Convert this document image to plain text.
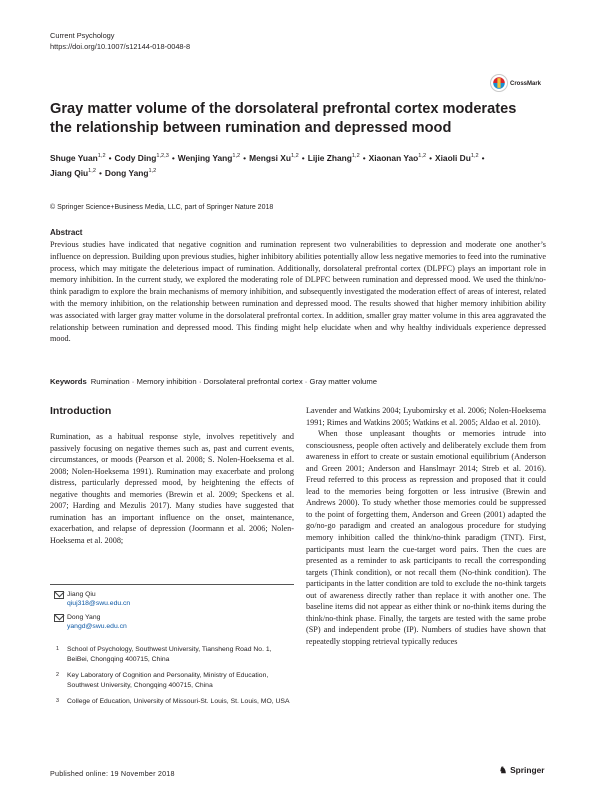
Current Psychology
https://doi.org/10.1007/s12144-018-0048-8
CrossMark
Gray matter volume of the dorsolateral prefrontal cortex moderates the relationship between rumination and depressed mood
Shuge Yuan$^{1,2}$ • Cody Ding$^{1,2,3}$ • Wenjing Yang$^{1,2}$ • Mengsi Xu$^{1,2}$ • Lijie Zhang$^{1,2}$ • Xiaonan Yao$^{1,2}$ • Xiaoli Du$^{1,2}$ •
Jiang Qiu$^{1,2}$ • Dong Yang$^{1,2}$
© Springer Science+Business Media, LLC, part of Springer Nature 2018
Abstract
Previous studies have indicated that negative cognition and rumination represent two vulnerabilities to depression and moderate one another’s influence on depression. Building upon previous studies, higher inhibitory abilities potentially allow less negative memories to feed into the ruminative process, which may mitigate the deleterious impact of rumination. Additionally, dorsolateral prefrontal cortex (DLPFC) plays an important role in memory inhibition. In the current study, we explored the moderating role of DLPFC between rumination and depressed mood. We used the think/no-think paradigm to explore the brain mechanisms of memory inhibition, and subsequently investigated the moderation effect of areas of interest, related with the memory inhibition, on the relationship between rumination and depressed mood. The results showed that higher memory inhibition ability was associated with larger gray matter volume in the dorsolateral prefrontal cortex. In addition, smaller gray matter volume in this area aggravated the relationship between rumination and depressed mood. This finding might help elucidate when and why healthy individuals experience depressed mood.
Keywords Rumination · Memory inhibition · Dorsolateral prefrontal cortex · Gray matter volume
Introduction

Rumination, as a habitual response style, involves repetitively and passively focusing on negative themes such as, past and current events, circumstances, or moods (Pearson et al. 2008; S. Nolen-Hoeksema et al. 2008; Nolen-Hoeksema 1991). Rumination may exacerbate and prolong distress, particularly depressed mood, by heightening the effects of negative thoughts and memories (Brewin et al. 2009; Speckens et al. 2007; Harding and Mezulis 2017). Many studies have suggested that rumination has an important influence on the onset, maintenance, exacerbation, and relapse of depression (Joormann et al. 2006; Nolen-Hoeksema et al. 2008;

Lavender and Watkins 2004; Lyubomirsky et al. 2006; Nolen-Hoeksema 1991; Rimes and Watkins 2005; Watkins et al. 2005; Aldao et al. 2010).

When those unpleasant thoughts or memories intrude into consciousness, people often actively and deliberately exclude them from awareness in effort to create or sustain emotional equilibrium (Anderson and Green 2001; Anderson and Hanslmayr 2014; Streb et al. 2016). Freud referred to this process as repression and proposed that it could lead to the memories being forgotten or less intrusive (Brewin and Andrews 2000). To study whether those memories could be suppressed to the point of forgetting them, Anderson and Green (2001) adapted the go/no-go paradigm and created an analogous procedure for studying memory inhibition called the think/no-think paradigm (TNT). First, participants must learn the cue-target word pairs. Then the cues are presented as a reminder to ask participants to recall the corresponding targets (Think condition), or not recall them (No-think condition). The participants in the latter condition are told to exclude the no-think targets out of awareness directly rather than replace it with another one. The baseline items did not appear as either think or no-think items during the think/no-think phase. Finally, the targets are tested with the same probe (SP) and independent probe (IP). Numbers of studies have shown that repeatedly stopping retrieval typically reduces

Jiang Qiu
qiuj318@swu.edu.cn
Dong Yang
yangd@swu.edu.cn
1 School of Psychology, Southwest University, Tiansheng Road No. 1, BeiBei, Chongqing 400715, China
2 Key Laboratory of Cognition and Personality, Ministry of Education, Southwest University, Chongqing 400715, China
3 College of Education, University of Missouri-St. Louis, St. Louis, MO, USA
Published online: 19 November 2018	♞ Springer
